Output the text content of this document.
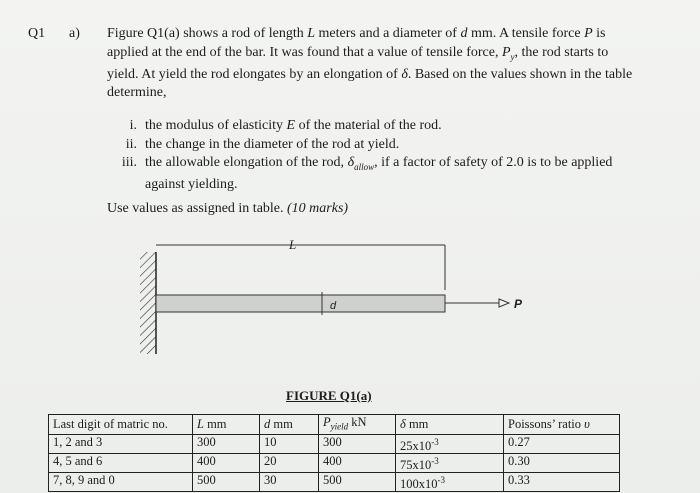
Q1 a) Figure Q1(a) shows a rod of length L meters and a diameter of d mm. A tensile force P is applied at the end of the bar. It was found that a value of tensile force, $P_y$, the rod starts to yield. At yield the rod elongates by an elongation of δ. Based on the values shown in the table determine,
i. the modulus of elasticity E of the material of the rod.
ii. the change in the diameter of the rod at yield.
iii. the allowable elongation of the rod, $\delta_{allow}$, if a factor of safety of 2.0 is to be applied against yielding.
Use values as assigned in table. (10 marks)
L
d	P
FIGURE Q1(a)
Last digit of matric no.	L mm	d mm	$P_{yield}$ kN	δ mm	Poissons’ ratio υ
1, 2 and 3	300	10	300	$25x10^{-3}$	0.27
4, 5 and 6	400	20	400	$75x10^{-3}$	0.30
7, 8, 9 and 0	500	30	500	$100x10^{-3}$	0.33
